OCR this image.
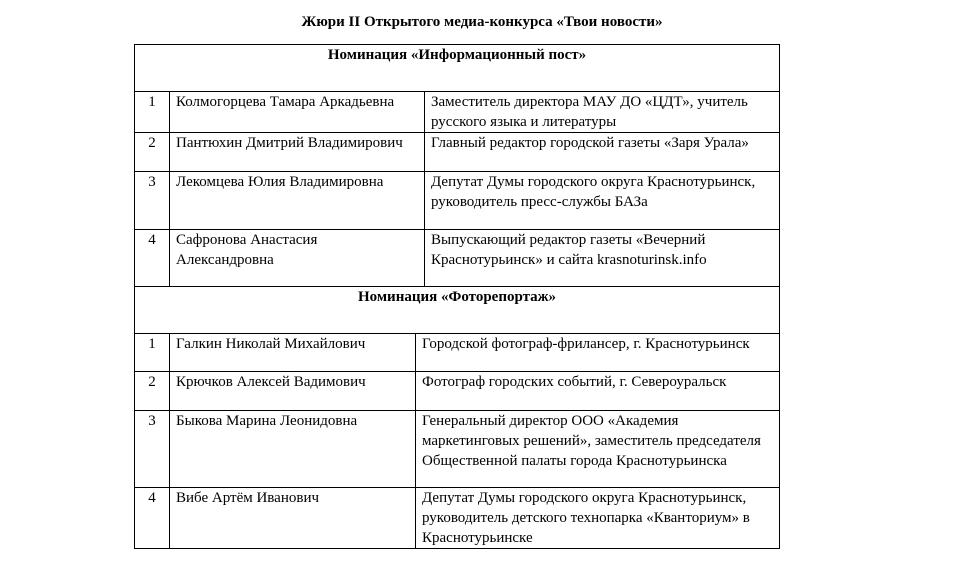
Жюри II Открытого медиа-конкурса «Твои новости»
Номинация «Информационный пост»		
1	Колмогорцева Тамара Аркадьевна	Заместитель директора МАУ ДО «ЦДТ», учитель русского языка и литературы
2	Пантюхин Дмитрий Владимирович	Главный редактор городской газеты «Заря Урала»
3	Лекомцева Юлия Владимировна	Депутат Думы городского округа Краснотурьинск, руководитель пресс-службы БАЗа
4	Сафронова Анастасия Александровна	Выпускающий редактор газеты «Вечерний Краснотурьинск» и сайта krasnoturinsk.info
Номинация «Фоторепортаж»		
1	Галкин Николай Михайлович	Городской фотограф-фрилансер, г. Краснотурьинск
2	Крючков Алексей Вадимович	Фотограф городских событий, г. Североуральск
3	Быкова Марина Леонидовна	Генеральный директор ООО «Академия маркетинговых решений», заместитель председателя Общественной палаты города Краснотурьинска
4	Вибе Артём Иванович	Депутат Думы городского округа Краснотурьинск, руководитель детского технопарка «Кванториум» в Краснотурьинске
